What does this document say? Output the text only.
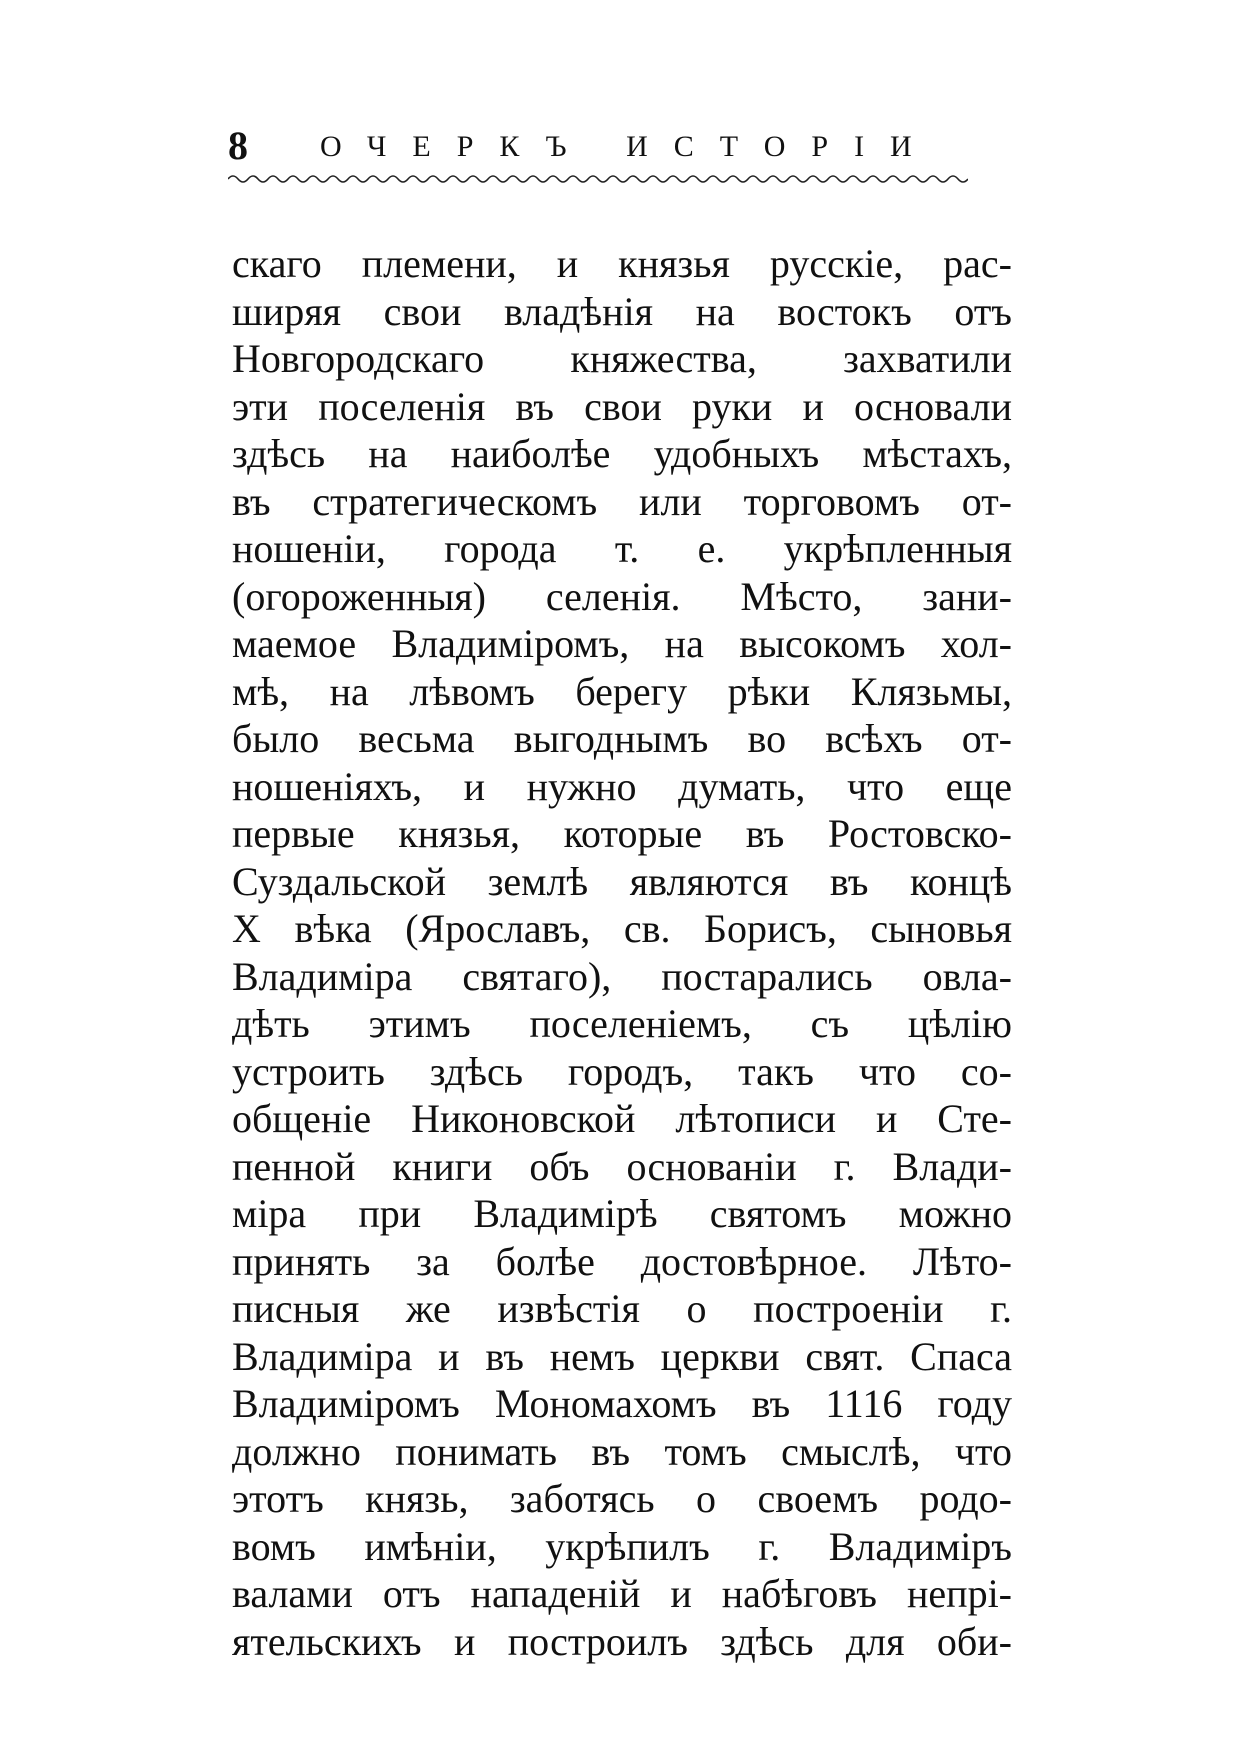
8 ОЧЕРКЪ ИСТОРІИ
скаго племени, и князья русскіе, рас-
ширяя свои владѣнія на востокъ отъ
Новгородскаго княжества, захватили
эти поселенія въ свои руки и основали
здѣсь на наиболѣе удобныхъ мѣстахъ,
въ стратегическомъ или торговомъ от-
ношеніи, города т. е. укрѣпленныя
(огороженныя) селенія. Мѣсто, зани-
маемое Владиміромъ, на высокомъ хол-
мѣ, на лѣвомъ берегу рѣки Клязьмы,
было весьма выгоднымъ во всѣхъ от-
ношеніяхъ, и нужно думать, что еще
первые князья, которые въ Ростовско-
Суздальской землѣ являются въ концѣ
X вѣка (Ярославъ, св. Борисъ, сыновья
Владиміра святаго), постарались овла-
дѣть этимъ поселеніемъ, съ цѣлію
устроить здѣсь городъ, такъ что со-
общеніе Никоновской лѣтописи и Сте-
пенной книги объ основаніи г. Влади-
міра при Владимірѣ святомъ можно
принять за болѣе достовѣрное. Лѣто-
писныя же извѣстія о построеніи г.
Владиміра и въ немъ церкви свят. Спаса
Владиміромъ Мономахомъ въ 1116 году
должно понимать въ томъ смыслѣ, что
этотъ князь, заботясь о своемъ родо-
вомъ имѣніи, укрѣпилъ г. Владиміръ
валами отъ нападеній и набѣговъ непрі-
ятельскихъ и построилъ здѣсь для оби-
